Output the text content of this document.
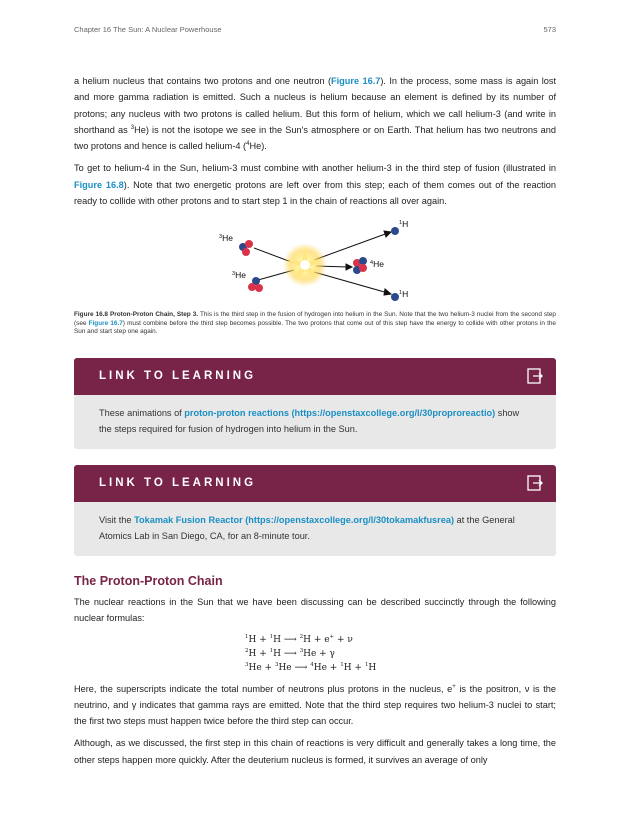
Chapter 16 The Sun: A Nuclear Powerhouse	573

a helium nucleus that contains two protons and one neutron (Figure 16.7). In the process, some mass is again lost and more gamma radiation is emitted. Such a nucleus is helium because an element is defined by its number of protons; any nucleus with two protons is called helium. But this form of helium, which we call helium-3 (and write in shorthand as $^3$He) is not the isotope we see in the Sun’s atmosphere or on Earth. That helium has two neutrons and two protons and hence is called helium-4 ($^4$He).

To get to helium-4 in the Sun, helium-3 must combine with another helium-3 in the third step of fusion (illustrated in Figure 16.8). Note that two energetic protons are left over from this step; each of them comes out of the reaction ready to collide with other protons and to start step 1 in the chain of reactions all over again.

$^3$He
$^3$He
$^4$He
$^1$H
$^1$H
Figure 16.8 Proton-Proton Chain, Step 3. This is the third step in the fusion of hydrogen into helium in the Sun. Note that the two helium-3 nuclei from the second step (see Figure 16.7) must combine before the third step becomes possible. The two protons that come out of this step have the energy to collide with other protons in the Sun and start step one again.
LINK TO LEARNING
These animations of proton-proton reactions (https://openstaxcollege.org/l/30proproreactio) show the steps required for fusion of hydrogen into helium in the Sun.
LINK TO LEARNING
Visit the Tokamak Fusion Reactor (https://openstaxcollege.org/l/30tokamakfusrea) at the General Atomics Lab in San Diego, CA, for an 8-minute tour.
The Proton-Proton Chain

The nuclear reactions in the Sun that we have been discussing can be described succinctly through the following nuclear formulas:

$^1$H + $^1$H ⟶ $^2$H + e+ + ν
$^2$H + $^1$H ⟶ $^3$He + γ
$^3$He + $^3$He ⟶ $^4$He + $^1$H + $^1$H

Here, the superscripts indicate the total number of neutrons plus protons in the nucleus, e+ is the positron, ν is the neutrino, and γ indicates that gamma rays are emitted. Note that the third step requires two helium-3 nuclei to start; the first two steps must happen twice before the third step can occur.

Although, as we discussed, the first step in this chain of reactions is very difficult and generally takes a long time, the other steps happen more quickly. After the deuterium nucleus is formed, it survives an average of only
